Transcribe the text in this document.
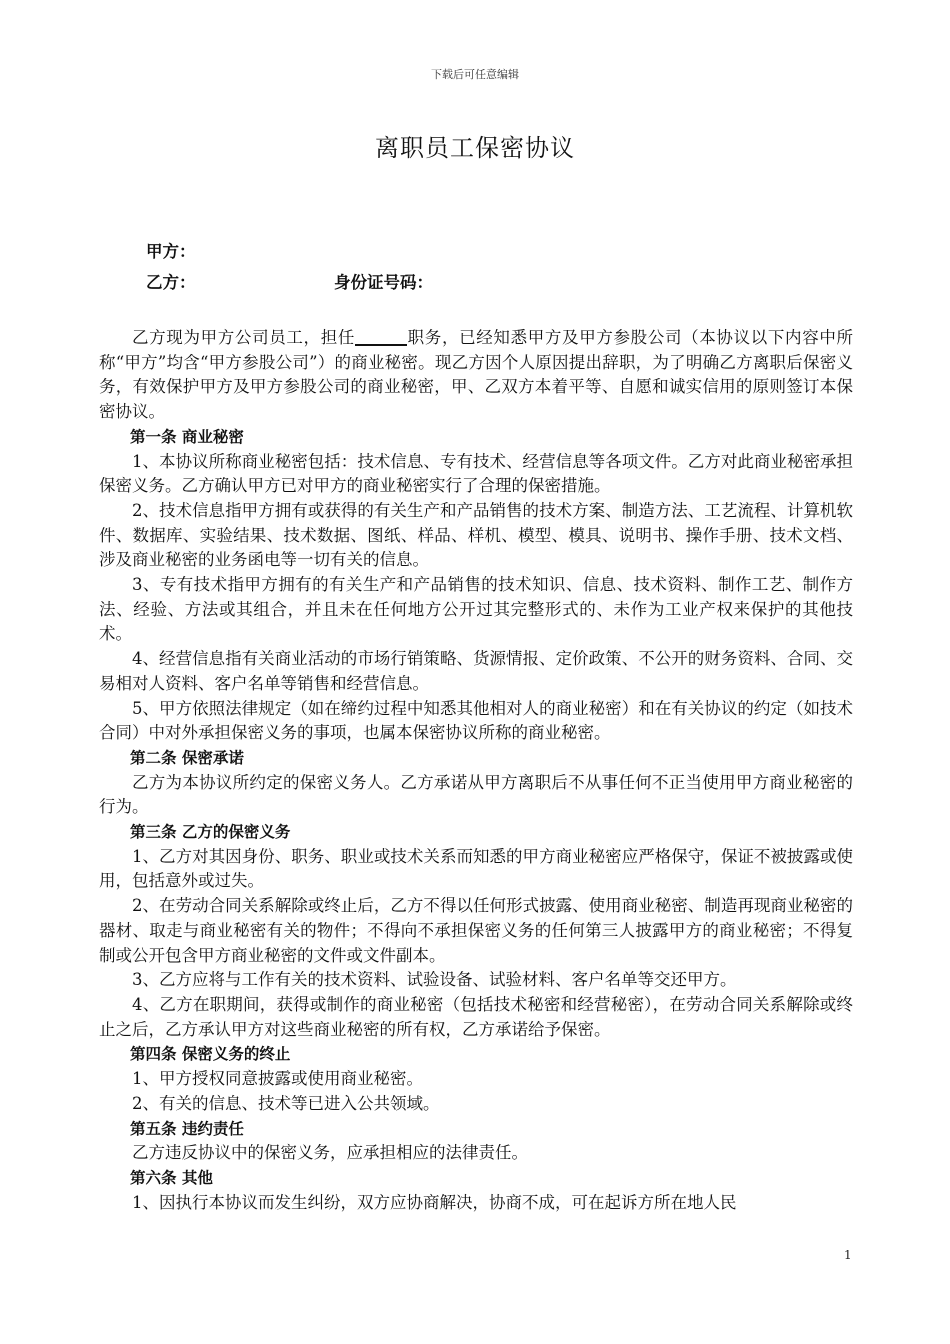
下载后可任意编辑
离职员工保密协议
甲方：
乙方：	身份证号码：

乙方现为甲方公司员工，担任	职务，已经知悉甲方及甲方参股公司（本协议以下内容中所称“甲方”均含“甲方参股公司”）的商业秘密。现乙方因个人原因提出辞职，为了明确乙方离职后保密义务，有效保护甲方及甲方参股公司的商业秘密，甲、乙双方本着平等、自愿和诚实信用的原则签订本保密协议。

第一条 商业秘密

1、本协议所称商业秘密包括：技术信息、专有技术、经营信息等各项文件。乙方对此商业秘密承担保密义务。乙方确认甲方已对甲方的商业秘密实行了合理的保密措施。

2、技术信息指甲方拥有或获得的有关生产和产品销售的技术方案、制造方法、工艺流程、计算机软件、数据库、实验结果、技术数据、图纸、样品、样机、模型、模具、说明书、操作手册、技术文档、涉及商业秘密的业务函电等一切有关的信息。

3、专有技术指甲方拥有的有关生产和产品销售的技术知识、信息、技术资料、制作工艺、制作方法、经验、方法或其组合，并且未在任何地方公开过其完整形式的、未作为工业产权来保护的其他技术。

4、经营信息指有关商业活动的市场行销策略、货源情报、定价政策、不公开的财务资料、合同、交易相对人资料、客户名单等销售和经营信息。

5、甲方依照法律规定（如在缔约过程中知悉其他相对人的商业秘密）和在有关协议的约定（如技术合同）中对外承担保密义务的事项，也属本保密协议所称的商业秘密。

第二条 保密承诺

乙方为本协议所约定的保密义务人。乙方承诺从甲方离职后不从事任何不正当使用甲方商业秘密的行为。

第三条 乙方的保密义务

1、乙方对其因身份、职务、职业或技术关系而知悉的甲方商业秘密应严格保守，保证不被披露或使用，包括意外或过失。

2、在劳动合同关系解除或终止后，乙方不得以任何形式披露、使用商业秘密、制造再现商业秘密的器材、取走与商业秘密有关的物件；不得向不承担保密义务的任何第三人披露甲方的商业秘密；不得复制或公开包含甲方商业秘密的文件或文件副本。

3、乙方应将与工作有关的技术资料、试验设备、试验材料、客户名单等交还甲方。

4、乙方在职期间，获得或制作的商业秘密（包括技术秘密和经营秘密），在劳动合同关系解除或终止之后，乙方承认甲方对这些商业秘密的所有权，乙方承诺给予保密。

第四条 保密义务的终止

1、甲方授权同意披露或使用商业秘密。

2、有关的信息、技术等已进入公共领域。

第五条 违约责任

乙方违反协议中的保密义务，应承担相应的法律责任。

第六条 其他

1、因执行本协议而发生纠纷，双方应协商解决，协商不成，可在起诉方所在地人民

1
